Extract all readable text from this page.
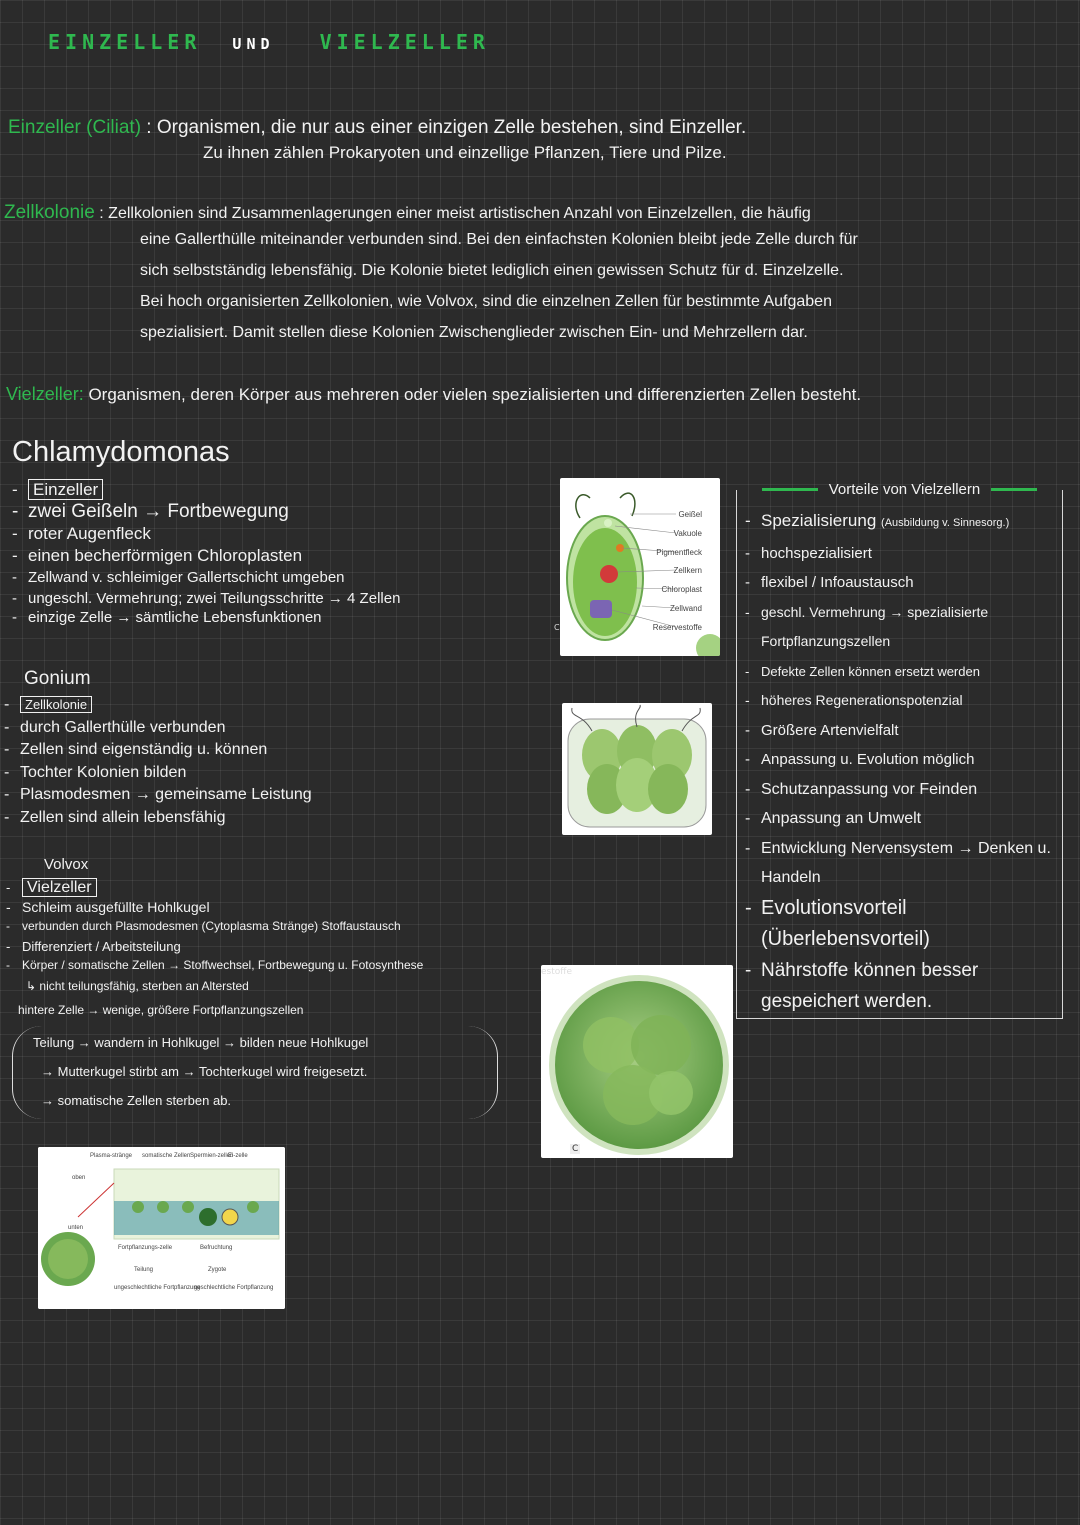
EINZELLER UND VIELZELLER
Einzeller (Ciliat) : Organismen, die nur aus einer einzigen Zelle bestehen, sind Einzeller.
Zu ihnen zählen Prokaryoten und einzellige Pflanzen, Tiere und Pilze.
Zellkolonie : Zellkolonien sind Zusammenlagerungen einer meist artistischen Anzahl von Einzelzellen, die häufig
eine Gallerthülle miteinander verbunden sind. Bei den einfachsten Kolonien bleibt jede Zelle durch für
sich selbstständig lebensfähig. Die Kolonie bietet lediglich einen gewissen Schutz für d. Einzelzelle.
Bei hoch organisierten Zellkolonien, wie Volvox, sind die einzelnen Zellen für bestimmte Aufgaben
spezialisiert. Damit stellen diese Kolonien Zwischenglieder zwischen Ein- und Mehrzellern dar.
Vielzeller: Organismen, deren Körper aus mehreren oder vielen spezialisierten und differenzierten Zellen besteht.
Chlamydomonas
- Einzeller
- zwei Geißeln → Fortbewegung
- roter Augenfleck
- einen becherförmigen Chloroplasten
- Zellwand v. schleimiger Gallertschicht umgeben
- ungeschl. Vermehrung; zwei Teilungsschritte → 4 Zellen
- einzige Zelle → sämtliche Lebensfunktionen
Geißel
Vakuole
Pigmentfleck
Zellkern
Chloroplast
Zellwand
Reservestoffe
C
Gonium
- Zellkolonie
- durch Gallerthülle verbunden
- Zellen sind eigenständig u. können
- Tochter Kolonien bilden
- Plasmodesmen → gemeinsame Leistung
- Zellen sind allein lebensfähig
Volvox
- Vielzeller
- Schleim ausgefüllte Hohlkugel
- verbunden durch Plasmodesmen (Cytoplasma Stränge) Stoffaustausch
- Differenziert / Arbeitsteilung
- Körper / somatische Zellen → Stoffwechsel, Fortbewegung u. Fotosynthese
↳ nicht teilungsfähig, sterben an Altersted
hintere Zelle → wenige, größere Fortpflanzungszellen
Teilung → wandern in Hohlkugel → bilden neue Hohlkugel
→ Mutterkugel stirbt am → Tochterkugel wird freigesetzt.
→ somatische Zellen sterben ab.
estoffe
C
Plasma-stränge somatische Zellen Spermien-zellen
Ei-zelle
oben
unten
Fortpflanzungs-zelle
Teilung
ungeschlechtliche Fortpflanzung
Befruchtung
Zygote
geschlechtliche Fortpflanzung
Vorteile von Vielzellern
- Spezialisierung (Ausbildung v. Sinnesorg.)
- hochspezialisiert
- flexibel / Infoaustausch
- geschl. Vermehrung → spezialisierte Fortpflanzungszellen
- Defekte Zellen können ersetzt werden
- höheres Regenerationspotenzial
- Größere Artenvielfalt
- Anpassung u. Evolution möglich
- Schutzanpassung vor Feinden
- Anpassung an Umwelt
- Entwicklung Nervensystem → Denken u. Handeln
- Evolutionsvorteil (Überlebensvorteil)
- Nährstoffe können besser gespeichert werden.
